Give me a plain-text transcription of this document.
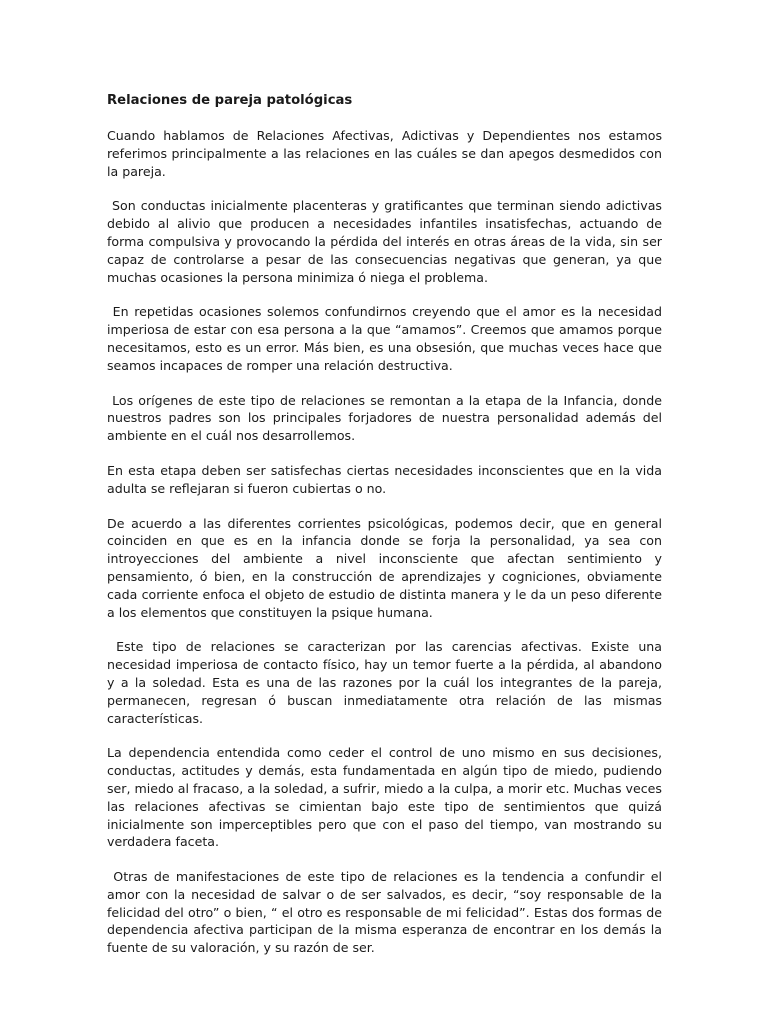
Relaciones de pareja patológicas

Cuando hablamos de Relaciones Afectivas, Adictivas y Dependientes nos estamos referimos principalmente a las relaciones en las cuáles se dan apegos desmedidos con la pareja.

Son conductas inicialmente placenteras y gratificantes que terminan siendo adictivas debido al alivio que producen a necesidades infantiles insatisfechas, actuando de forma compulsiva y provocando la pérdida del interés en otras áreas de la vida, sin ser capaz de controlarse a pesar de las consecuencias negativas que generan, ya que muchas ocasiones la persona minimiza ó niega el problema.

En repetidas ocasiones solemos confundirnos creyendo que el amor es la necesidad imperiosa de estar con esa persona a la que “amamos”. Creemos que amamos porque necesitamos, esto es un error. Más bien, es una obsesión, que muchas veces hace que seamos incapaces de romper una relación destructiva.

Los orígenes de este tipo de relaciones se remontan a la etapa de la Infancia, donde nuestros padres son los principales forjadores de nuestra personalidad además del ambiente en el cuál nos desarrollemos.

En esta etapa deben ser satisfechas ciertas necesidades inconscientes que en la vida adulta se reflejaran si fueron cubiertas o no.

De acuerdo a las diferentes corrientes psicológicas, podemos decir, que en general coinciden en que es en la infancia donde se forja la personalidad, ya sea con introyecciones del ambiente a nivel inconsciente que afectan sentimiento y pensamiento, ó bien, en la construcción de aprendizajes y cogniciones, obviamente cada corriente enfoca el objeto de estudio de distinta manera y le da un peso diferente a los elementos que constituyen la psique humana.

Este tipo de relaciones se caracterizan por las carencias afectivas. Existe una necesidad imperiosa de contacto físico, hay un temor fuerte a la pérdida, al abandono y a la soledad. Esta es una de las razones por la cuál los integrantes de la pareja, permanecen, regresan ó buscan inmediatamente otra relación de las mismas características.

La dependencia entendida como ceder el control de uno mismo en sus decisiones, conductas, actitudes y demás, esta fundamentada en algún tipo de miedo, pudiendo ser, miedo al fracaso, a la soledad, a sufrir, miedo a la culpa, a morir etc. Muchas veces las relaciones afectivas se cimientan bajo este tipo de sentimientos que quizá inicialmente son imperceptibles pero que con el paso del tiempo, van mostrando su verdadera faceta.

Otras de manifestaciones de este tipo de relaciones es la tendencia a confundir el amor con la necesidad de salvar o de ser salvados, es decir, “soy responsable de la felicidad del otro” o bien, “ el otro es responsable de mi felicidad”. Estas dos formas de dependencia afectiva participan de la misma esperanza de encontrar en los demás la fuente de su valoración, y su razón de ser.
